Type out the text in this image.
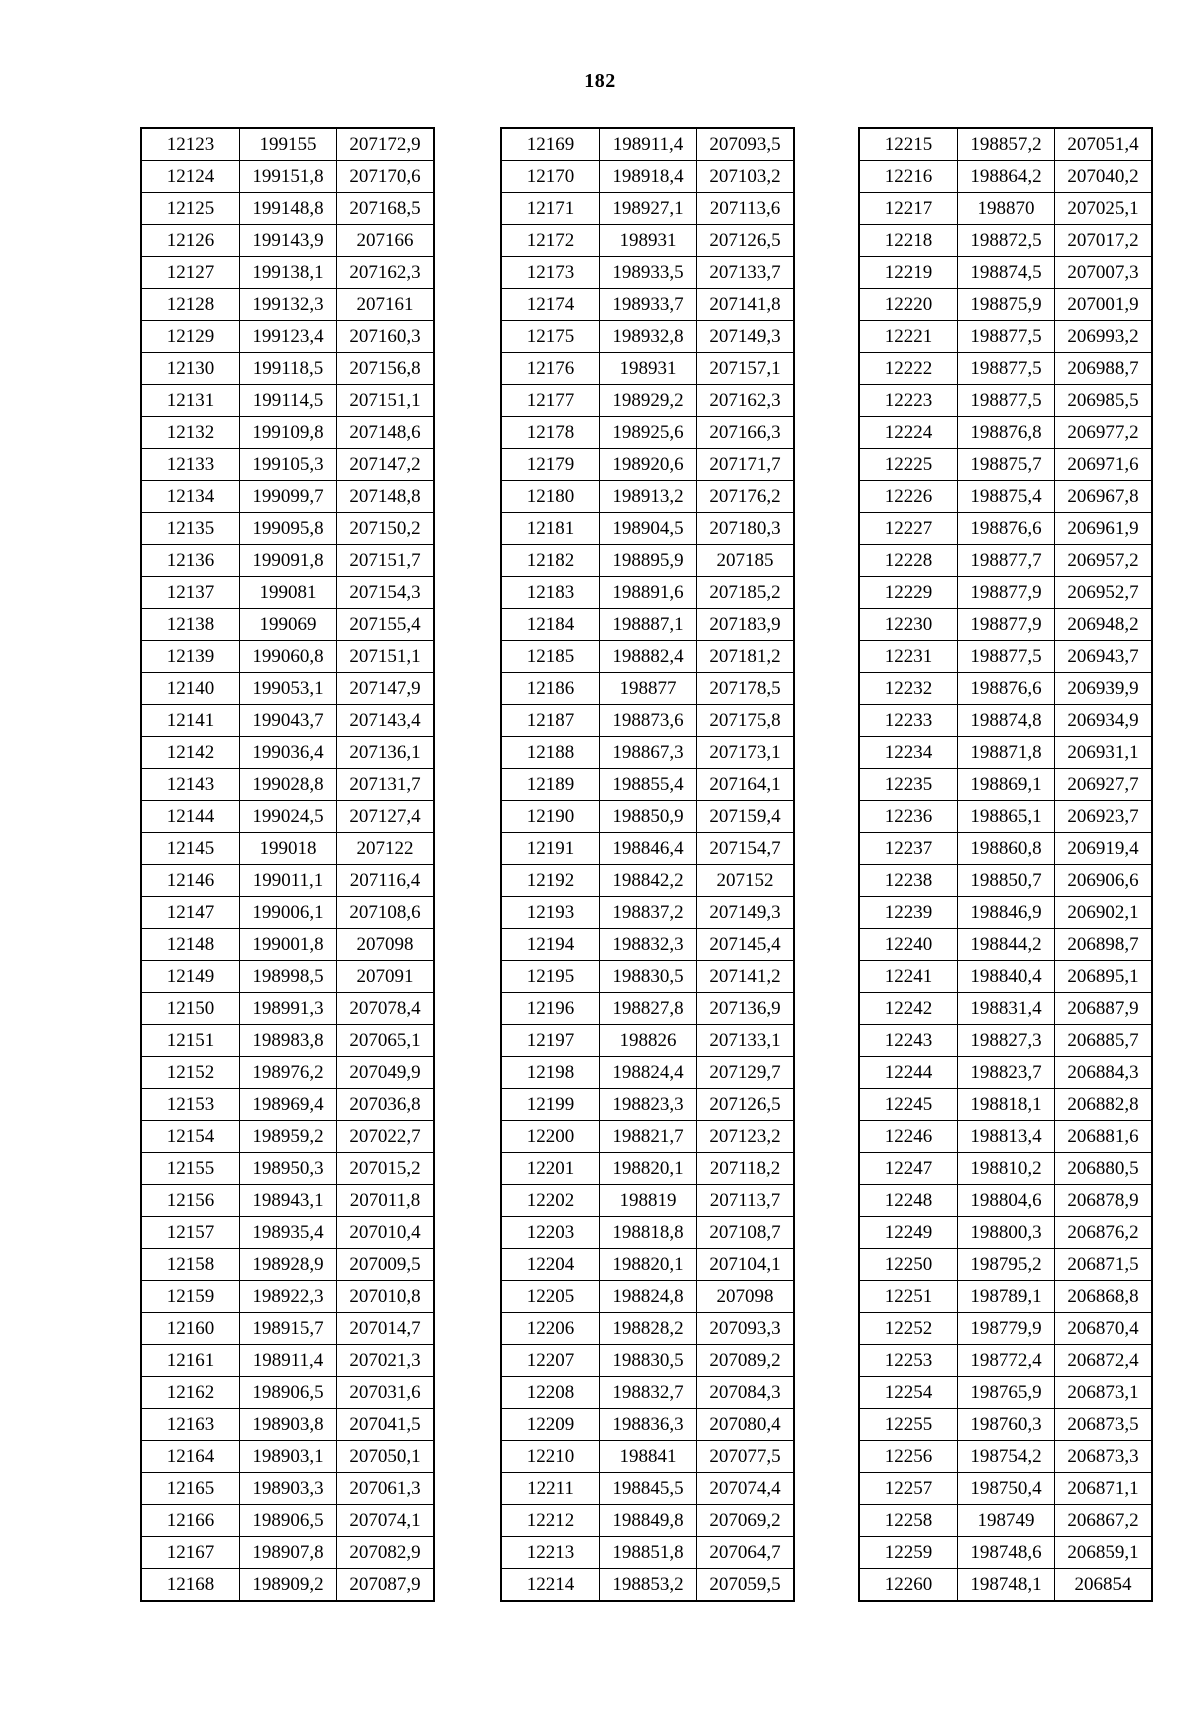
182
12123	199155	207172,9
12124	199151,8	207170,6
12125	199148,8	207168,5
12126	199143,9	207166
12127	199138,1	207162,3
12128	199132,3	207161
12129	199123,4	207160,3
12130	199118,5	207156,8
12131	199114,5	207151,1
12132	199109,8	207148,6
12133	199105,3	207147,2
12134	199099,7	207148,8
12135	199095,8	207150,2
12136	199091,8	207151,7
12137	199081	207154,3
12138	199069	207155,4
12139	199060,8	207151,1
12140	199053,1	207147,9
12141	199043,7	207143,4
12142	199036,4	207136,1
12143	199028,8	207131,7
12144	199024,5	207127,4
12145	199018	207122
12146	199011,1	207116,4
12147	199006,1	207108,6
12148	199001,8	207098
12149	198998,5	207091
12150	198991,3	207078,4
12151	198983,8	207065,1
12152	198976,2	207049,9
12153	198969,4	207036,8
12154	198959,2	207022,7
12155	198950,3	207015,2
12156	198943,1	207011,8
12157	198935,4	207010,4
12158	198928,9	207009,5
12159	198922,3	207010,8
12160	198915,7	207014,7
12161	198911,4	207021,3
12162	198906,5	207031,6
12163	198903,8	207041,5
12164	198903,1	207050,1
12165	198903,3	207061,3
12166	198906,5	207074,1
12167	198907,8	207082,9
12168	198909,2	207087,9
12169	198911,4	207093,5
12170	198918,4	207103,2
12171	198927,1	207113,6
12172	198931	207126,5
12173	198933,5	207133,7
12174	198933,7	207141,8
12175	198932,8	207149,3
12176	198931	207157,1
12177	198929,2	207162,3
12178	198925,6	207166,3
12179	198920,6	207171,7
12180	198913,2	207176,2
12181	198904,5	207180,3
12182	198895,9	207185
12183	198891,6	207185,2
12184	198887,1	207183,9
12185	198882,4	207181,2
12186	198877	207178,5
12187	198873,6	207175,8
12188	198867,3	207173,1
12189	198855,4	207164,1
12190	198850,9	207159,4
12191	198846,4	207154,7
12192	198842,2	207152
12193	198837,2	207149,3
12194	198832,3	207145,4
12195	198830,5	207141,2
12196	198827,8	207136,9
12197	198826	207133,1
12198	198824,4	207129,7
12199	198823,3	207126,5
12200	198821,7	207123,2
12201	198820,1	207118,2
12202	198819	207113,7
12203	198818,8	207108,7
12204	198820,1	207104,1
12205	198824,8	207098
12206	198828,2	207093,3
12207	198830,5	207089,2
12208	198832,7	207084,3
12209	198836,3	207080,4
12210	198841	207077,5
12211	198845,5	207074,4
12212	198849,8	207069,2
12213	198851,8	207064,7
12214	198853,2	207059,5
12215	198857,2	207051,4
12216	198864,2	207040,2
12217	198870	207025,1
12218	198872,5	207017,2
12219	198874,5	207007,3
12220	198875,9	207001,9
12221	198877,5	206993,2
12222	198877,5	206988,7
12223	198877,5	206985,5
12224	198876,8	206977,2
12225	198875,7	206971,6
12226	198875,4	206967,8
12227	198876,6	206961,9
12228	198877,7	206957,2
12229	198877,9	206952,7
12230	198877,9	206948,2
12231	198877,5	206943,7
12232	198876,6	206939,9
12233	198874,8	206934,9
12234	198871,8	206931,1
12235	198869,1	206927,7
12236	198865,1	206923,7
12237	198860,8	206919,4
12238	198850,7	206906,6
12239	198846,9	206902,1
12240	198844,2	206898,7
12241	198840,4	206895,1
12242	198831,4	206887,9
12243	198827,3	206885,7
12244	198823,7	206884,3
12245	198818,1	206882,8
12246	198813,4	206881,6
12247	198810,2	206880,5
12248	198804,6	206878,9
12249	198800,3	206876,2
12250	198795,2	206871,5
12251	198789,1	206868,8
12252	198779,9	206870,4
12253	198772,4	206872,4
12254	198765,9	206873,1
12255	198760,3	206873,5
12256	198754,2	206873,3
12257	198750,4	206871,1
12258	198749	206867,2
12259	198748,6	206859,1
12260	198748,1	206854
